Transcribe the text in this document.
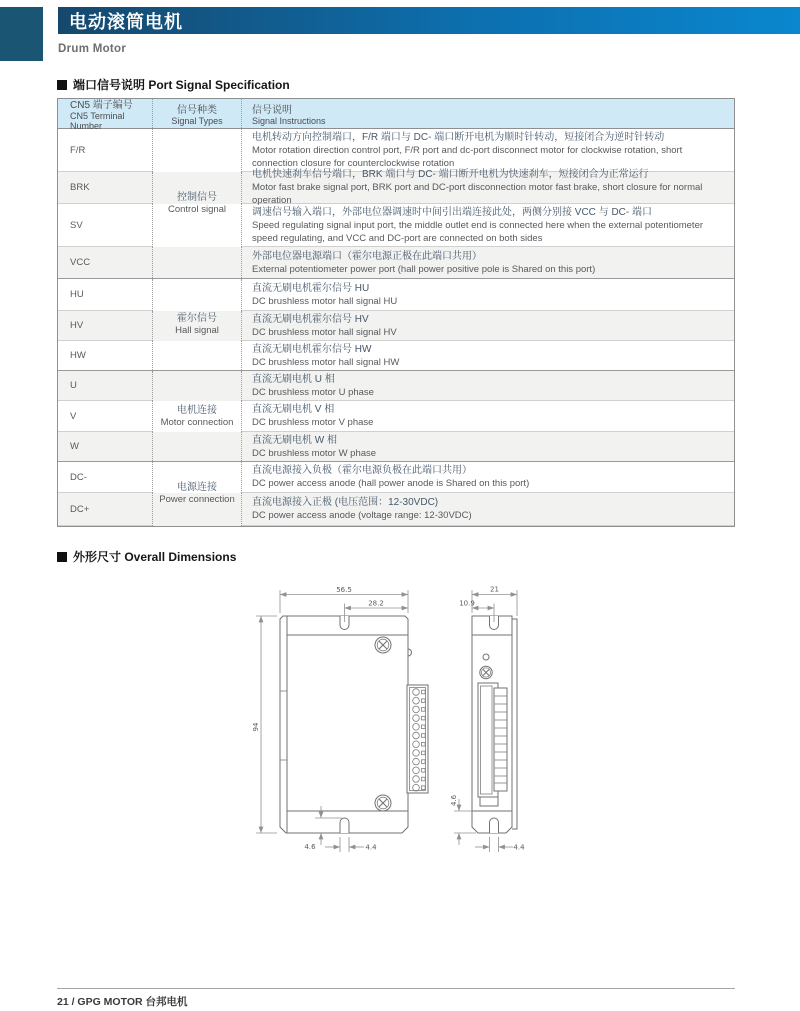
电动滚筒电机
Drum Motor
端口信号说明 Port Signal Specification
CN5 端子编号
CN5 Terminal Number
信号种类
Signal Types
信号说明
Signal Instructions
F/R
电机转动方向控制端口，F/R 端口与 DC- 端口断开电机为顺时针转动，短接闭合为逆时针转动
Motor rotation direction control port, F/R port and dc-port disconnect motor for clockwise rotation, short connection closure for counterclockwise rotation
BRK
电机快速刹车信号端口，BRK 端口与 DC- 端口断开电机为快速刹车，短接闭合为正常运行
Motor fast brake signal port, BRK port and DC-port disconnection motor fast brake, short closure for normal operation
SV
调速信号输入端口，外部电位器调速时中间引出端连接此处，两侧分别接 VCC 与 DC- 端口
Speed regulating signal input port, the middle outlet end is connected here when the external potentiometer speed regulating, and VCC and DC-port are connected on both sides
VCC
外部电位器电源端口（霍尔电源正极在此端口共用）
External potentiometer power port (hall power positive pole is Shared on this port)
HU
直流无刷电机霍尔信号 HU
DC brushless motor hall signal HU
HV
直流无刷电机霍尔信号 HV
DC brushless motor hall signal HV
HW
直流无刷电机霍尔信号 HW
DC brushless motor hall signal HW
U
直流无刷电机 U 相
DC brushless motor U phase
V
直流无刷电机 V 相
DC brushless motor V phase
W
直流无刷电机 W 相
DC brushless motor W phase
DC-
直流电源接入负极（霍尔电源负极在此端口共用）
DC power access anode (hall power anode is Shared on this port)
DC+
直流电源接入正极 (电压范围：12-30VDC)
DC power access anode (voltage range: 12-30VDC)
控制信号
Control signal
霍尔信号
Hall signal
电机连接
Motor connection
电源连接
Power connection
外形尺寸 Overall Dimensions
56.5
28.2
94
4.6	4.4
21
10.9
4.6
4.4
21 / GPG MOTOR 台邦电机
